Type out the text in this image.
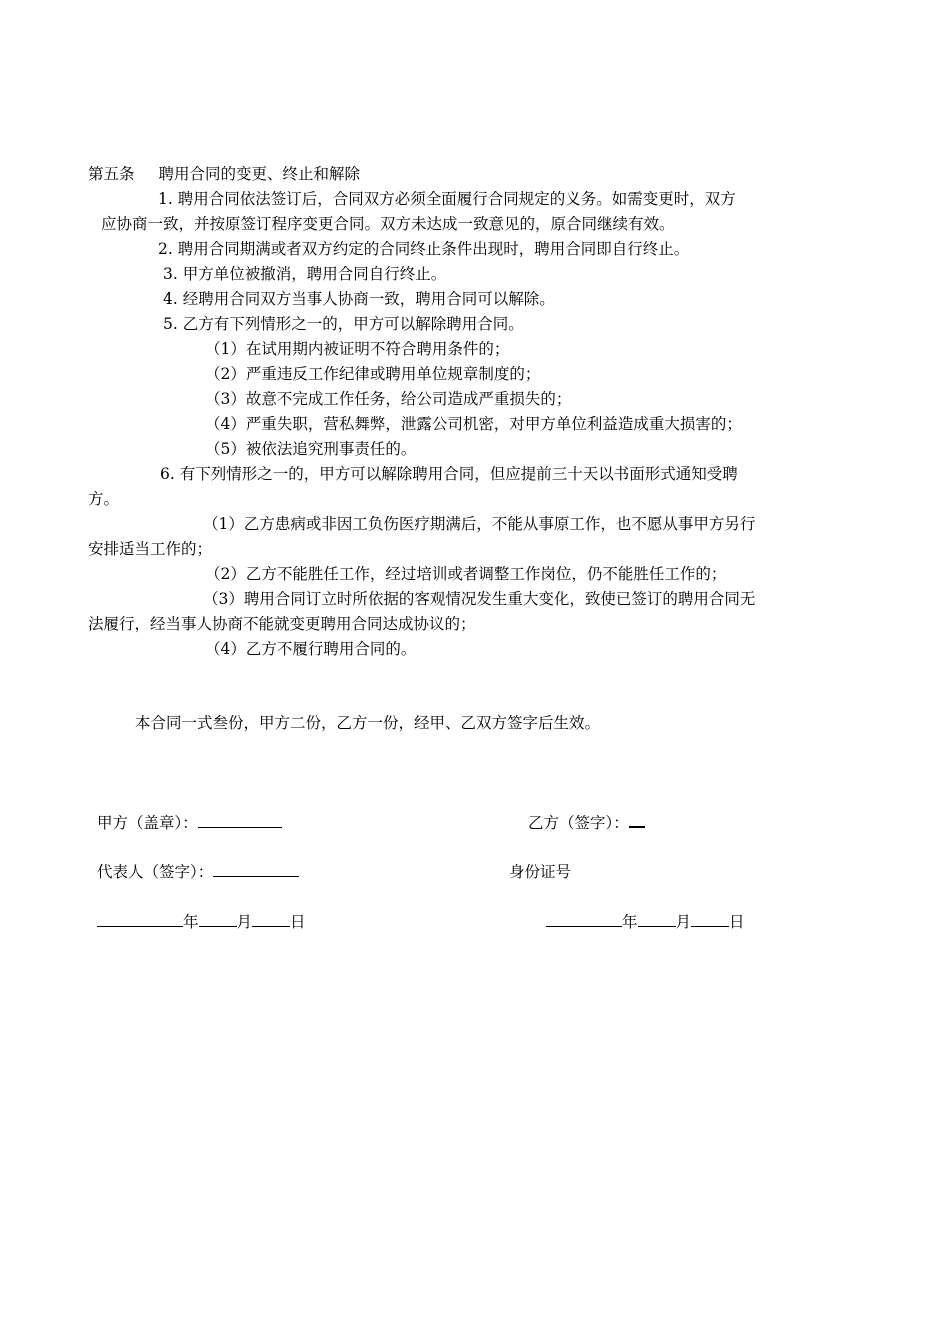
第五条 聘用合同的变更、终止和解除
1. 聘用合同依法签订后，合同双方必须全面履行合同规定的义务。如需变更时，双方
应协商一致，并按原签订程序变更合同。双方未达成一致意见的，原合同继续有效。
2. 聘用合同期满或者双方约定的合同终止条件出现时，聘用合同即自行终止。
3. 甲方单位被撤消，聘用合同自行终止。
4. 经聘用合同双方当事人协商一致，聘用合同可以解除。
5. 乙方有下列情形之一的，甲方可以解除聘用合同。
（1）在试用期内被证明不符合聘用条件的；
（2）严重违反工作纪律或聘用单位规章制度的；
（3）故意不完成工作任务，给公司造成严重损失的；
（4）严重失职，营私舞弊，泄露公司机密，对甲方单位利益造成重大损害的；
（5）被依法追究刑事责任的。
6. 有下列情形之一的，甲方可以解除聘用合同，但应提前三十天以书面形式通知受聘
方。
（1）乙方患病或非因工负伤医疗期满后，不能从事原工作，也不愿从事甲方另行
安排适当工作的；
（2）乙方不能胜任工作，经过培训或者调整工作岗位，仍不能胜任工作的；
（3）聘用合同订立时所依据的客观情况发生重大变化，致使已签订的聘用合同无
法履行，经当事人协商不能就变更聘用合同达成协议的；
（4）乙方不履行聘用合同的。
本合同一式叁份，甲方二份，乙方一份，经甲、乙双方签字后生效。
甲方（盖章）：	乙方（签字）：
代表人（签字）：	身份证号
年 月 日	年 月 日
